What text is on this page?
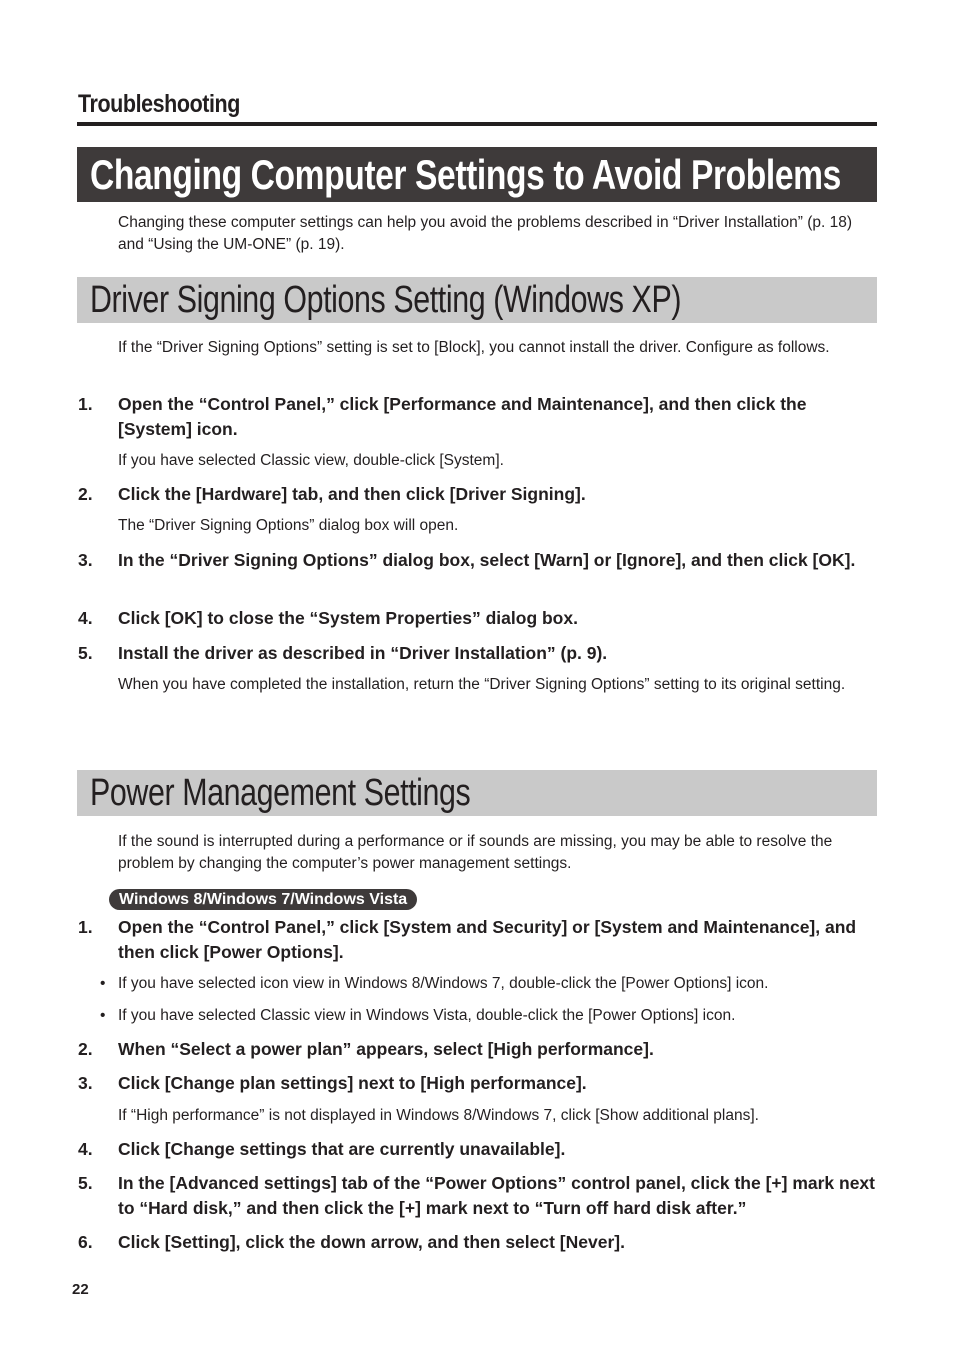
Troubleshooting
Changing Computer Settings to Avoid Problems
Changing these computer settings can help you avoid the problems described in “Driver Installation” (p. 18) and “Using the UM-ONE” (p. 19).
Driver Signing Options Setting (Windows XP)
If the “Driver Signing Options” setting is set to [Block], you cannot install the driver. Configure as follows.
1. Open the “Control Panel,” click [Performance and Maintenance], and then click the [System] icon.
If you have selected Classic view, double-click [System].
2. Click the [Hardware] tab, and then click [Driver Signing].
The “Driver Signing Options” dialog box will open.
3. In the “Driver Signing Options” dialog box, select [Warn] or [Ignore], and then click [OK].
4. Click [OK] to close the “System Properties” dialog box.
5. Install the driver as described in “Driver Installation” (p. 9).
When you have completed the installation, return the “Driver Signing Options” setting to its original setting.
Power Management Settings
If the sound is interrupted during a performance or if sounds are missing, you may be able to resolve the problem by changing the computer’s power management settings.
Windows 8/Windows 7/Windows Vista
1. Open the “Control Panel,” click [System and Security] or [System and Maintenance], and then click [Power Options].
• If you have selected icon view in Windows 8/Windows 7, double-click the [Power Options] icon.
• If you have selected Classic view in Windows Vista, double-click the [Power Options] icon.
2. When “Select a power plan” appears, select [High performance].
3. Click [Change plan settings] next to [High performance].
If “High performance” is not displayed in Windows 8/Windows 7, click [Show additional plans].
4. Click [Change settings that are currently unavailable].
5. In the [Advanced settings] tab of the “Power Options” control panel, click the [+] mark next to “Hard disk,” and then click the [+] mark next to “Turn off hard disk after.”
6. Click [Setting], click the down arrow, and then select [Never].
22
